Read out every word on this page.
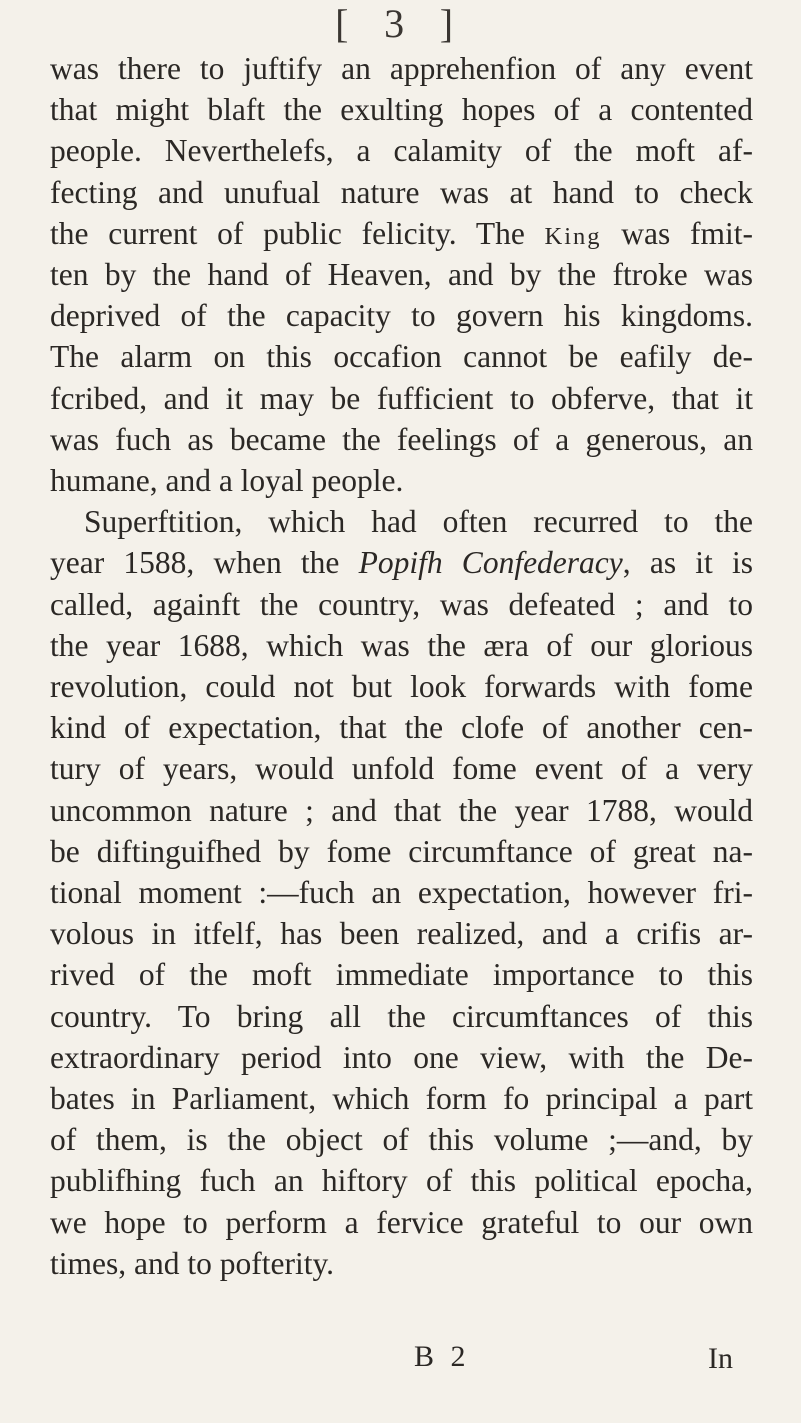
[ 3 ]
was there to juftify an apprehenfion of any event
that might blaft the exulting hopes of a contented
people. Neverthelefs, a calamity of the moft af-
fecting and unufual nature was at hand to check
the current of public felicity. The King was fmit-
ten by the hand of Heaven, and by the ftroke was
deprived of the capacity to govern his kingdoms.
The alarm on this occafion cannot be eafily de-
fcribed, and it may be fufficient to obferve, that it
was fuch as became the feelings of a generous, an
humane, and a loyal people.
Superftition, which had often recurred to the
year 1588, when the Popifh Confederacy, as it is
called, againft the country, was defeated ; and to
the year 1688, which was the æra of our glorious
revolution, could not but look forwards with fome
kind of expectation, that the clofe of another cen-
tury of years, would unfold fome event of a very
uncommon nature ; and that the year 1788, would
be diftinguifhed by fome circumftance of great na-
tional moment :—fuch an expectation, however fri-
volous in itfelf, has been realized, and a crifis ar-
rived of the moft immediate importance to this
country. To bring all the circumftances of this
extraordinary period into one view, with the De-
bates in Parliament, which form fo principal a part
of them, is the object of this volume ;—and, by
publifhing fuch an hiftory of this political epocha,
we hope to perform a fervice grateful to our own
times, and to pofterity.
B 2	In
